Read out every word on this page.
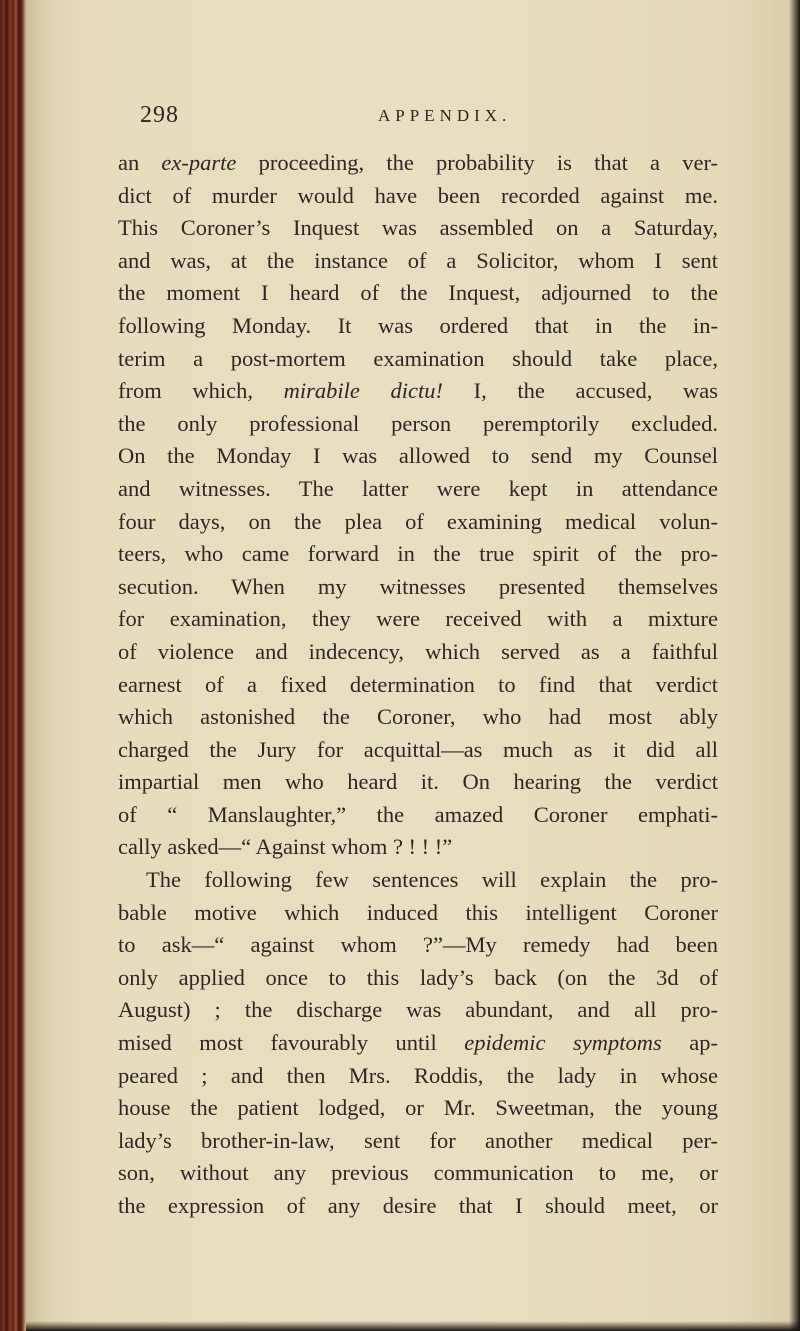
298	APPENDIX.
an ex-parte proceeding, the probability is that a ver-
dict of murder would have been recorded against me.
This Coroner’s Inquest was assembled on a Saturday,
and was, at the instance of a Solicitor, whom I sent
the moment I heard of the Inquest, adjourned to the
following Monday. It was ordered that in the in-
terim a post-mortem examination should take place,
from which, mirabile dictu! I, the accused, was
the only professional person peremptorily excluded.
On the Monday I was allowed to send my Counsel
and witnesses. The latter were kept in attendance
four days, on the plea of examining medical volun-
teers, who came forward in the true spirit of the pro-
secution. When my witnesses presented themselves
for examination, they were received with a mixture
of violence and indecency, which served as a faithful
earnest of a fixed determination to find that verdict
which astonished the Coroner, who had most ably
charged the Jury for acquittal—as much as it did all
impartial men who heard it. On hearing the verdict
of “ Manslaughter,” the amazed Coroner emphati-
cally asked—“ Against whom ? ! ! !”
The following few sentences will explain the pro-
bable motive which induced this intelligent Coroner
to ask—“ against whom ?”—My remedy had been
only applied once to this lady’s back (on the 3d of
August) ; the discharge was abundant, and all pro-
mised most favourably until epidemic symptoms ap-
peared ; and then Mrs. Roddis, the lady in whose
house the patient lodged, or Mr. Sweetman, the young
lady’s brother-in-law, sent for another medical per-
son, without any previous communication to me, or
the expression of any desire that I should meet, or
